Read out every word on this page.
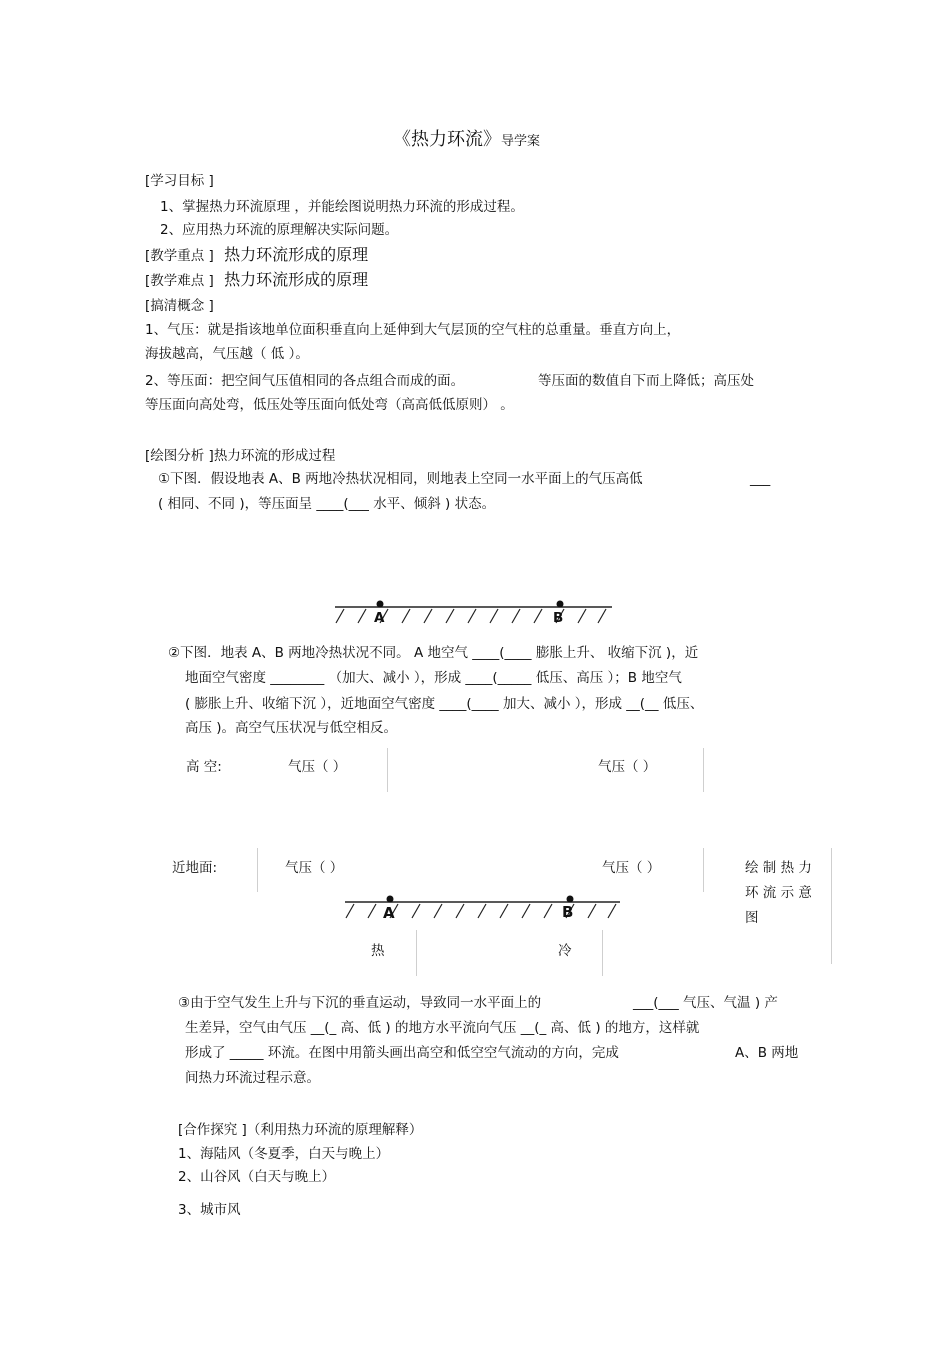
《热力环流》导学案
[学习目标 ]
1、掌握热力环流原理 ，并能绘图说明热力环流的形成过程。
2、应用热力环流的原理解决实际问题。
[教学重点 ] 热力环流形成的原理
[教学难点 ] 热力环流形成的原理
[搞清概念 ]
1、气压：就是指该地单位面积垂直向上延伸到大气层顶的空气柱的总重量。垂直方向上，
海拔越高，气压越（ 低 ）。
2、等压面：把空间气压值相同的各点组合而成的面。	等压面的数值自下而上降低；高压处
等压面向高处弯，低压处等压面向低处弯（高高低低原则） 。
[绘图分析 ]热力环流的形成过程
①下图．假设地表 A、B 两地冷热状况相同，则地表上空同一水平面上的气压高低	___
( 相同、不同 )，等压面呈 ____(___ 水平、倾斜 ) 状态。
A	B
②下图．地表 A、B 两地冷热状况不同。 A 地空气 ____(____ 膨胀上升、 收缩下沉 )，近
地面空气密度 ________ （加大、减小 ），形成 ____(_____ 低压、高压 ）；B 地空气
( 膨胀上升、收缩下沉 ），近地面空气密度 ____(____ 加大、减小 ），形成 __(__ 低压、
高压 )。高空气压状况与低空相反。
高 空:	气压（ ）	气压（ ）
近地面:	气压（ ）	气压（ ）	绘 制 热 力
环 流 示 意
图
A	B
热	冷
③由于空气发生上升与下沉的垂直运动，导致同一水平面上的	___(___ 气压、气温 ) 产
生差异，空气由气压 __(_ 高、低 ) 的地方水平流向气压 __(_ 高、低 ) 的地方，这样就
形成了 _____ 环流。在图中用箭头画出高空和低空空气流动的方向，完成	A、B 两地
间热力环流过程示意。
[合作探究 ]（利用热力环流的原理解释）
1、海陆风（冬夏季，白天与晚上）
2、山谷风（白天与晚上）
3、城市风
